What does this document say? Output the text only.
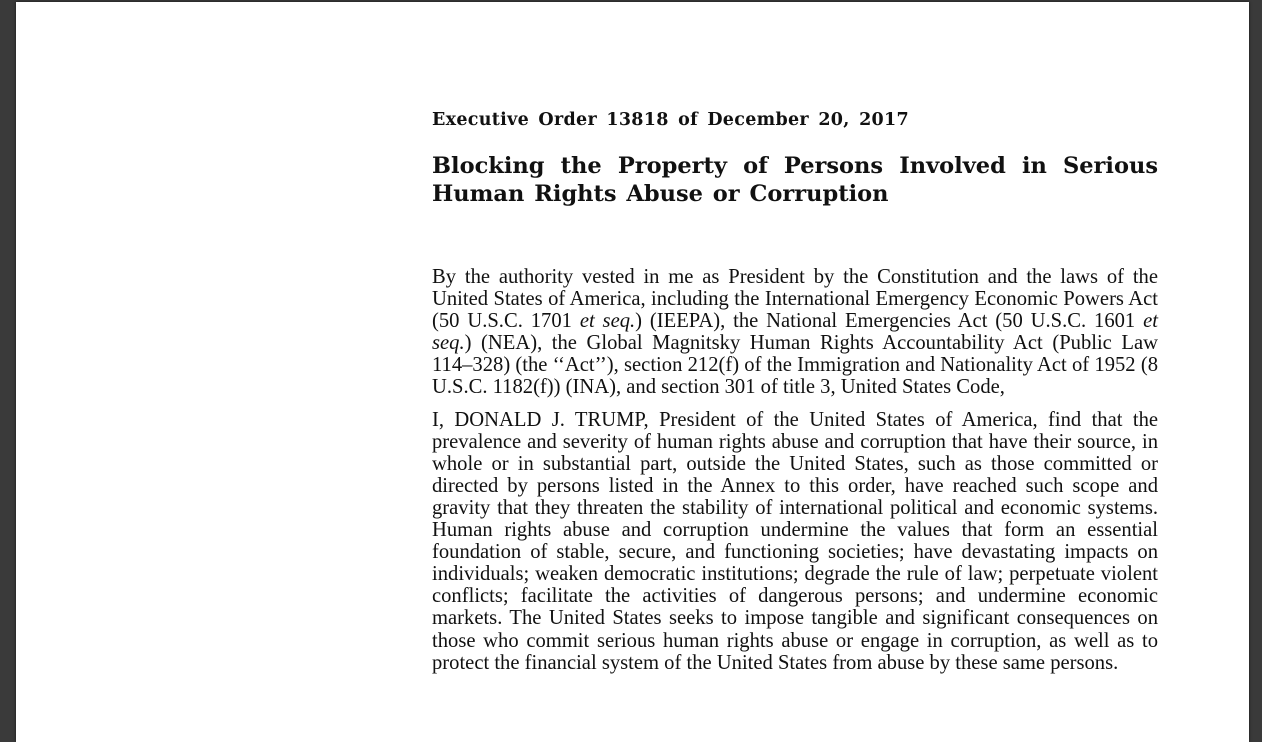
Executive Order 13818 of December 20, 2017

Blocking the Property of Persons Involved in Serious Human Rights Abuse or Corruption

By the authority vested in me as President by the Constitution and the laws of the United States of America, including the International Emergency Economic Powers Act (50 U.S.C. 1701 et seq.) (IEEPA), the National Emergencies Act (50 U.S.C. 1601 et seq.) (NEA), the Global Magnitsky Human Rights Accountability Act (Public Law 114–328) (the ‘‘Act’’), section 212(f) of the Immigration and Nationality Act of 1952 (8 U.S.C. 1182(f)) (INA), and section 301 of title 3, United States Code,

I, DONALD J. TRUMP, President of the United States of America, find that the prevalence and severity of human rights abuse and corruption that have their source, in whole or in substantial part, outside the United States, such as those committed or directed by persons listed in the Annex to this order, have reached such scope and gravity that they threaten the stability of international political and economic systems. Human rights abuse and corruption undermine the values that form an essential foundation of stable, secure, and functioning societies; have devastating impacts on individuals; weaken democratic institutions; degrade the rule of law; perpetuate violent conflicts; facilitate the activities of dangerous persons; and undermine economic markets. The United States seeks to impose tangible and significant consequences on those who commit serious human rights abuse or engage in corruption, as well as to protect the financial system of the United States from abuse by these same persons.
